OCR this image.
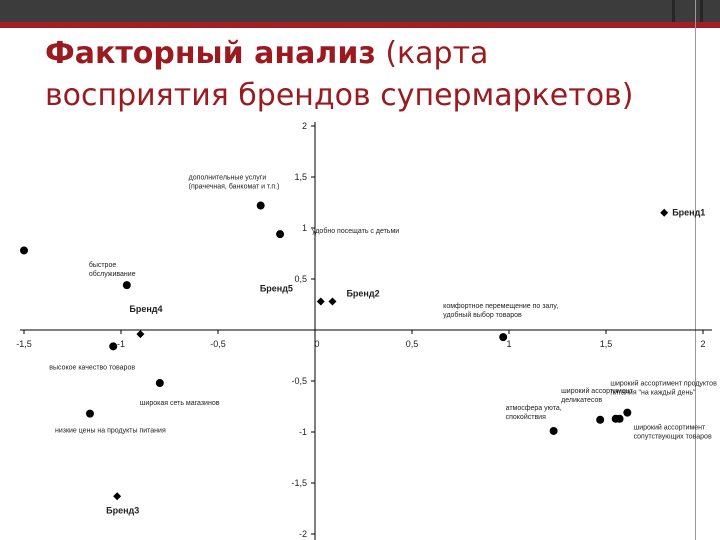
Факторный анализ (карта восприятия брендов супермаркетов)
-1,5	-1	-0,5	0	0,5	1	1,5	2
2
1,5
1
0,5
-0,5
-1
-1,5
-2
дополнительные услуги (прачечная, банкомат и т.п.)
удобно посещать с детьми
быстрое обслуживание
высокое качество товаров
широкая сеть магазинов
низкие цены на продукты питания
комфортное перемещение по залу, удобный выбор товаров
атмосфера уюта, спокойствия
широкий ассортимент деликатесов
широкий ассортимент продуктов питания "на каждый день"
широкий ассортимент сопутствующих товаров
Бренд1
Бренд2
Бренд5
Бренд4
Бренд3
